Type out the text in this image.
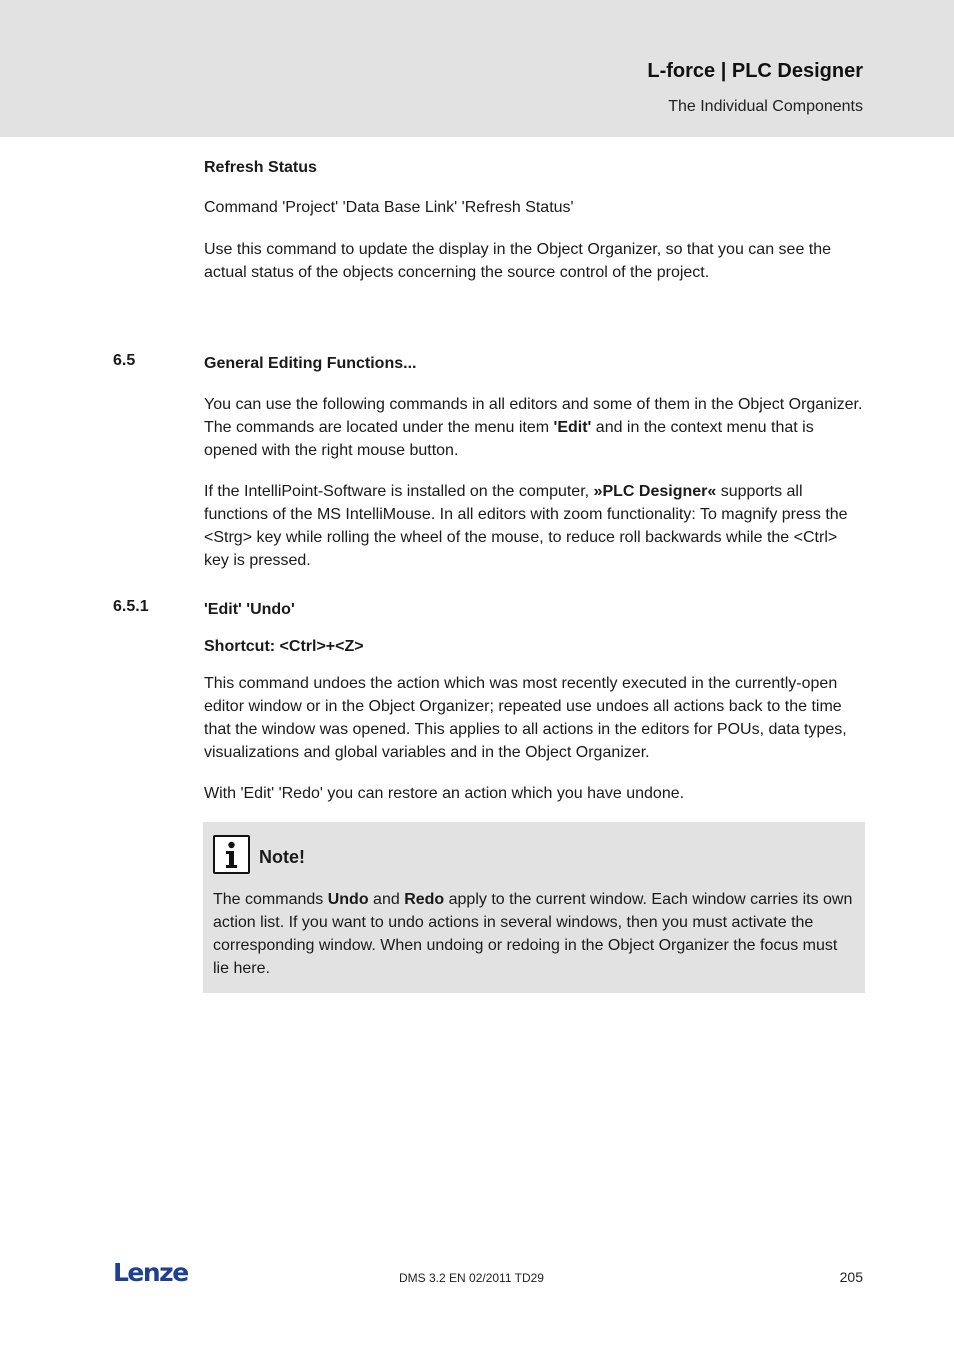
L-force | PLC Designer
The Individual Components
Refresh Status
Command 'Project' 'Data Base Link' 'Refresh Status'
Use this command to update the display in the Object Organizer, so that you can see the actual status of the objects concerning the source control of the project.
6.5	General Editing Functions...
You can use the following commands in all editors and some of them in the Object Organizer. The commands are located under the menu item 'Edit' and in the context menu that is opened with the right mouse button.
If the IntelliPoint-Software is installed on the computer, »PLC Designer« supports all functions of the MS IntelliMouse. In all editors with zoom functionality: To magnify press the <Strg> key while rolling the wheel of the mouse, to reduce roll backwards while the <Ctrl> key is pressed.
6.5.1	'Edit' 'Undo'
Shortcut: <Ctrl>+<Z>
This command undoes the action which was most recently executed in the currently-open editor window or in the Object Organizer; repeated use undoes all actions back to the time that the window was opened. This applies to all actions in the editors for POUs, data types, visualizations and global variables and in the Object Organizer.
With 'Edit' 'Redo' you can restore an action which you have undone.
Note!
The commands Undo and Redo apply to the current window. Each window carries its own action list. If you want to undo actions in several windows, then you must activate the corresponding window. When undoing or redoing in the Object Organizer the focus must lie here.
Lenze	DMS 3.2 EN 02/2011 TD29	205
